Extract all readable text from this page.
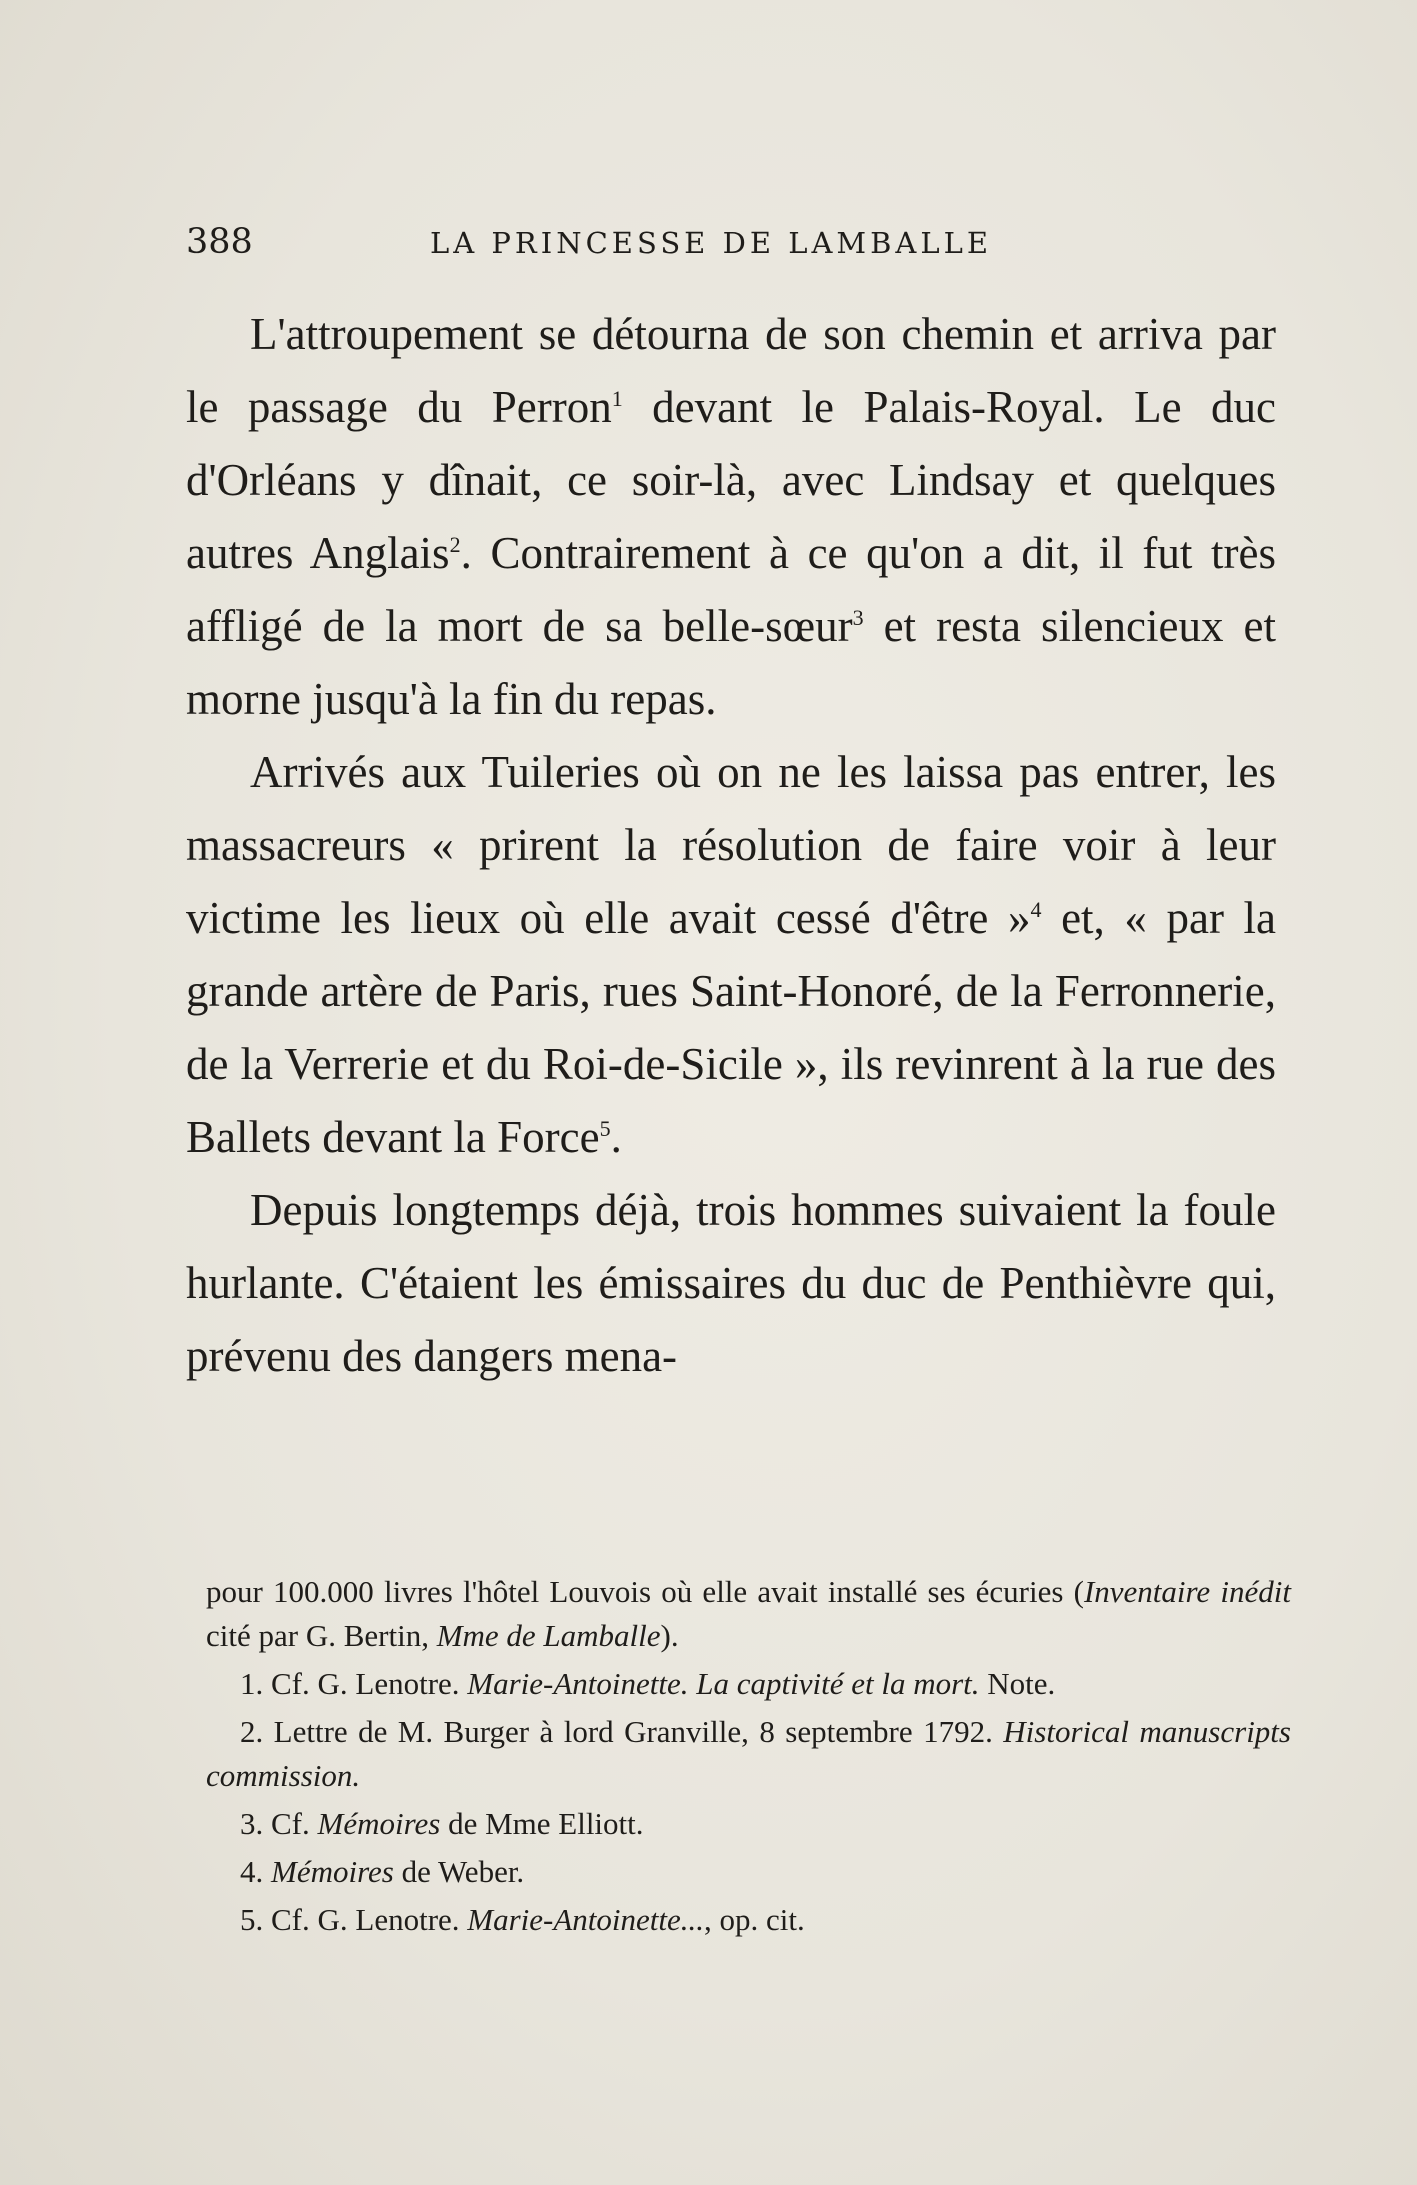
388	LA PRINCESSE DE LAMBALLE

L'attroupement se détourna de son chemin et arriva par le passage du Perron$^1$ devant le Palais-Royal. Le duc d'Orléans y dînait, ce soir-là, avec Lindsay et quelques autres Anglais$^2$. Contrairement à ce qu'on a dit, il fut très affligé de la mort de sa belle-sœur$^3$ et resta silencieux et morne jusqu'à la fin du repas.

Arrivés aux Tuileries où on ne les laissa pas entrer, les massacreurs « prirent la résolution de faire voir à leur victime les lieux où elle avait cessé d'être »$^4$ et, « par la grande artère de Paris, rues Saint-Honoré, de la Ferronnerie, de la Verrerie et du Roi-de-Sicile », ils revinrent à la rue des Ballets devant la Force$^5$.

Depuis longtemps déjà, trois hommes suivaient la foule hurlante. C'étaient les émissaires du duc de Penthièvre qui, prévenu des dangers mena-

pour 100.000 livres l'hôtel Louvois où elle avait installé ses écuries (Inventaire inédit cité par G. Bertin, Mme de Lamballe).

1. Cf. G. Lenotre. Marie-Antoinette. La captivité et la mort. Note.

2. Lettre de M. Burger à lord Granville, 8 septembre 1792. Historical manuscripts commission.

3. Cf. Mémoires de Mme Elliott.

4. Mémoires de Weber.

5. Cf. G. Lenotre. Marie-Antoinette..., op. cit.
